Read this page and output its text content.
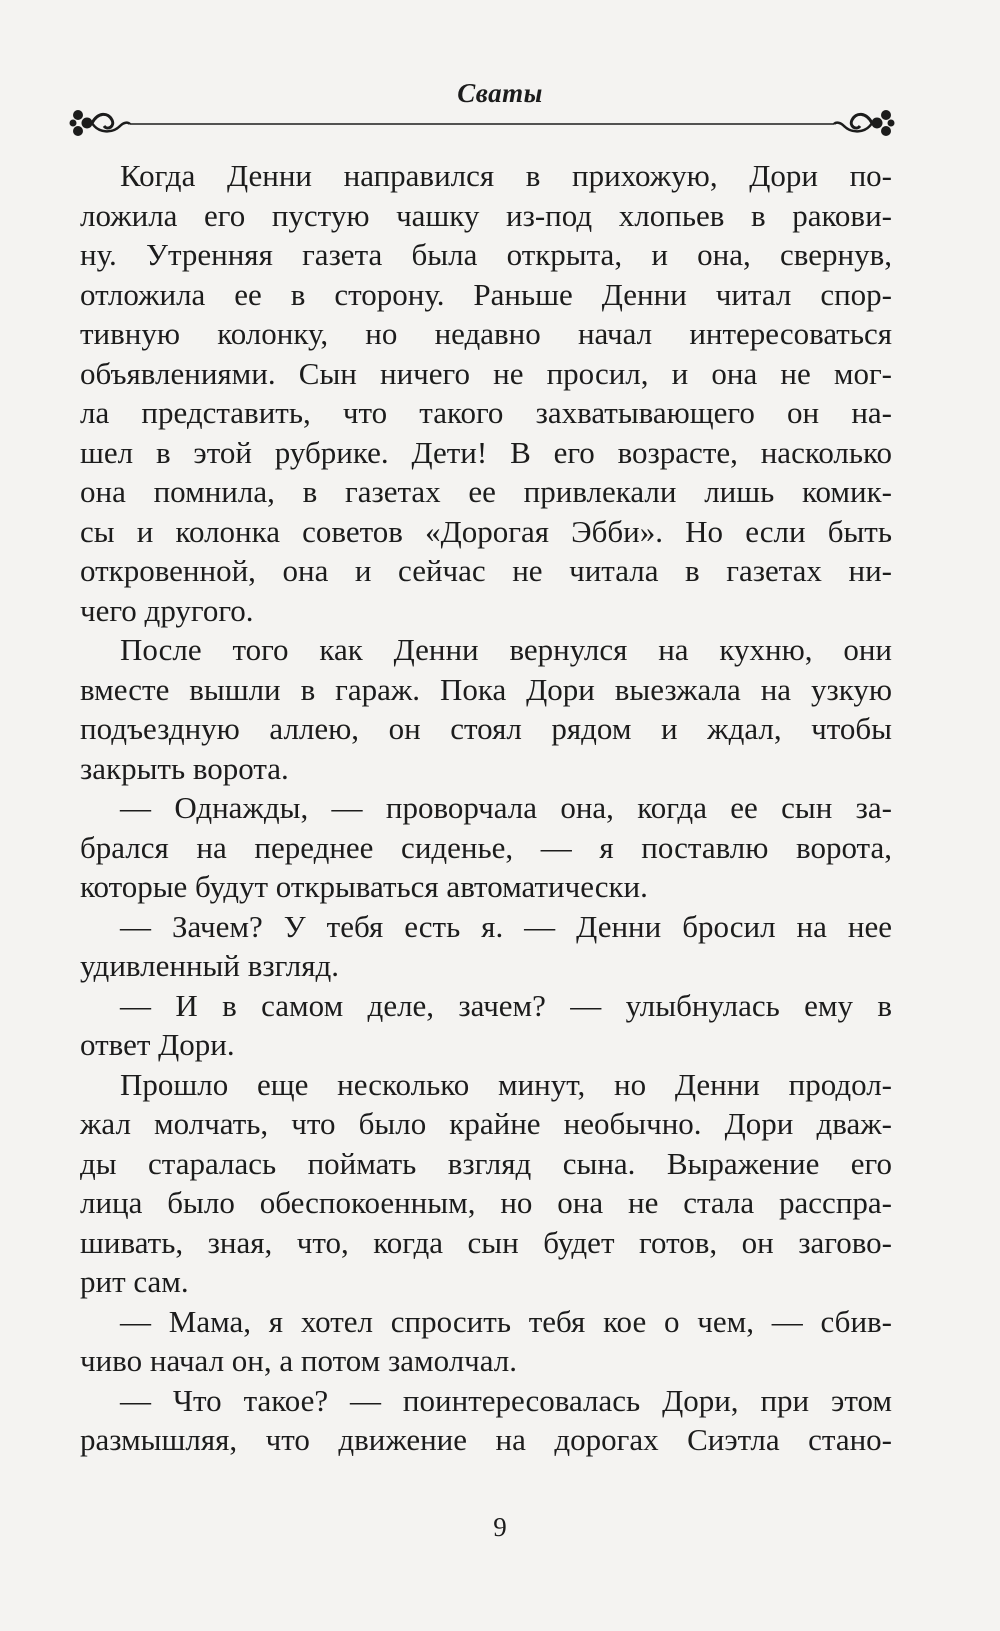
Сваты
Когда Денни направился в прихожую, Дори по-
ложила его пустую чашку из-под хлопьев в ракови-
ну. Утренняя газета была открыта, и она, свернув,
отложила ее в сторону. Раньше Денни читал спор-
тивную колонку, но недавно начал интересоваться
объявлениями. Сын ничего не просил, и она не мог-
ла представить, что такого захватывающего он на-
шел в этой рубрике. Дети! В его возрасте, насколько
она помнила, в газетах ее привлекали лишь комик-
сы и колонка советов «Дорогая Эбби». Но если быть
откровенной, она и сейчас не читала в газетах ни-
чего другого.
После того как Денни вернулся на кухню, они
вместе вышли в гараж. Пока Дори выезжала на узкую
подъездную аллею, он стоял рядом и ждал, чтобы
закрыть ворота.
— Однажды, — проворчала она, когда ее сын за-
брался на переднее сиденье, — я поставлю ворота,
которые будут открываться автоматически.
— Зачем? У тебя есть я. — Денни бросил на нее
удивленный взгляд.
— И в самом деле, зачем? — улыбнулась ему в
ответ Дори.
Прошло еще несколько минут, но Денни продол-
жал молчать, что было крайне необычно. Дори дваж-
ды старалась поймать взгляд сына. Выражение его
лица было обеспокоенным, но она не стала расспра-
шивать, зная, что, когда сын будет готов, он загово-
рит сам.
— Мама, я хотел спросить тебя кое о чем, — сбив-
чиво начал он, а потом замолчал.
— Что такое? — поинтересовалась Дори, при этом
размышляя, что движение на дорогах Сиэтла стано-
9
